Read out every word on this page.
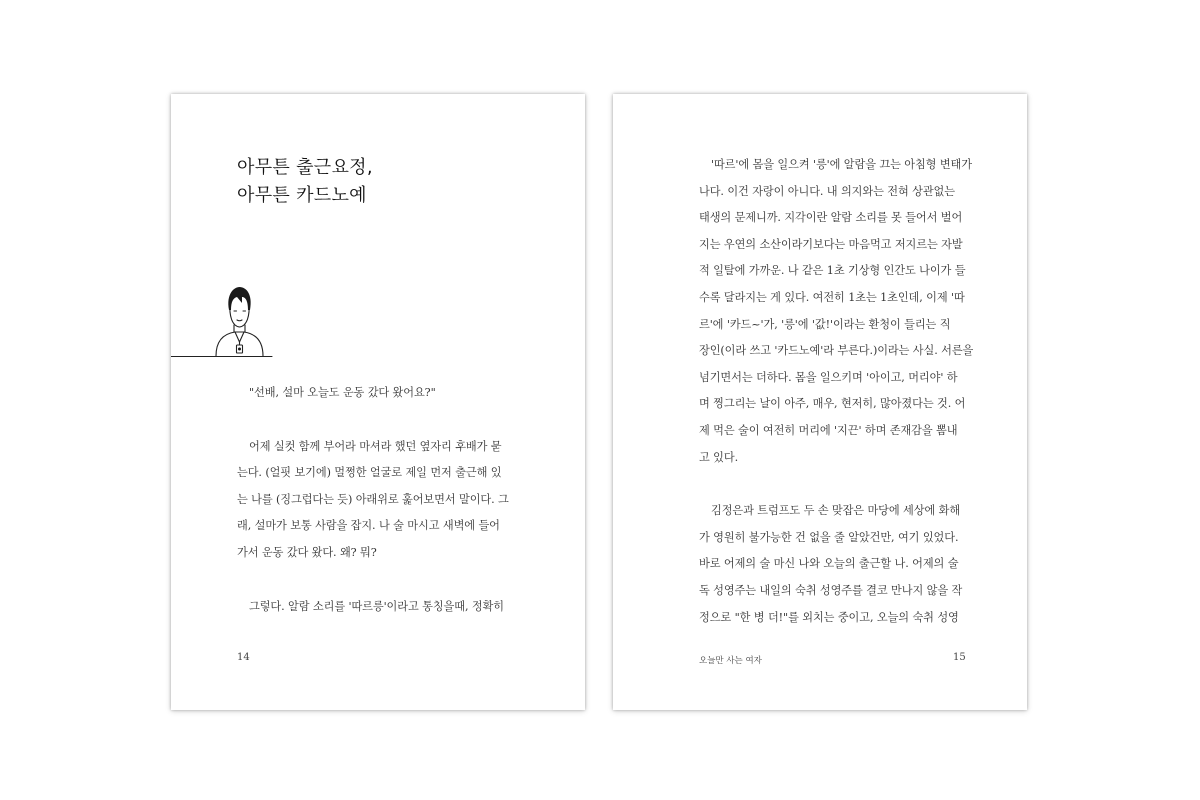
아무튼 출근요정,
아무튼 카드노예

"선배, 설마 오늘도 운동 갔다 왔어요?"

어제 실컷 함께 부어라 마셔라 했던 옆자리 후배가 묻

는다. (얼핏 보기에) 멀쩡한 얼굴로 제일 먼저 출근해 있

는 나를 (징그럽다는 듯) 아래위로 훑어보면서 말이다. 그

래, 설마가 보통 사람을 잡지. 나 술 마시고 새벽에 들어

가서 운동 갔다 왔다. 왜? 뭐?

그렇다. 알람 소리를 '따르릉'이라고 통칭을때, 정확히

14

'따르'에 몸을 일으켜 '릉'에 알람을 끄는 아침형 변태가

나다. 이건 자랑이 아니다. 내 의지와는 전혀 상관없는

태생의 문제니까. 지각이란 알람 소리를 못 들어서 벌어

지는 우연의 소산이라기보다는 마음먹고 저지르는 자발

적 일탈에 가까운. 나 같은 1초 기상형 인간도 나이가 들

수록 달라지는 게 있다. 여전히 1초는 1초인데, 이제 '따

르'에 '카드~'가, '릉'에 '값!'이라는 환청이 들리는 직

장인(이라 쓰고 '카드노예'라 부른다.)이라는 사실. 서른을

넘기면서는 더하다. 몸을 일으키며 '아이고, 머리야' 하

며 찡그리는 날이 아주, 매우, 현저히, 많아졌다는 것. 어

제 먹은 술이 여전히 머리에 '지끈' 하며 존재감을 뽐내

고 있다.

김정은과 트럼프도 두 손 맞잡은 마당에 세상에 화해

가 영원히 불가능한 건 없을 줄 알았건만, 여기 있었다.

바로 어제의 술 마신 나와 오늘의 출근할 나. 어제의 술

독 성영주는 내일의 숙취 성영주를 결코 만나지 않을 작

정으로 "한 병 더!"를 외치는 중이고, 오늘의 숙취 성영

오늘만 사는 여자	15
